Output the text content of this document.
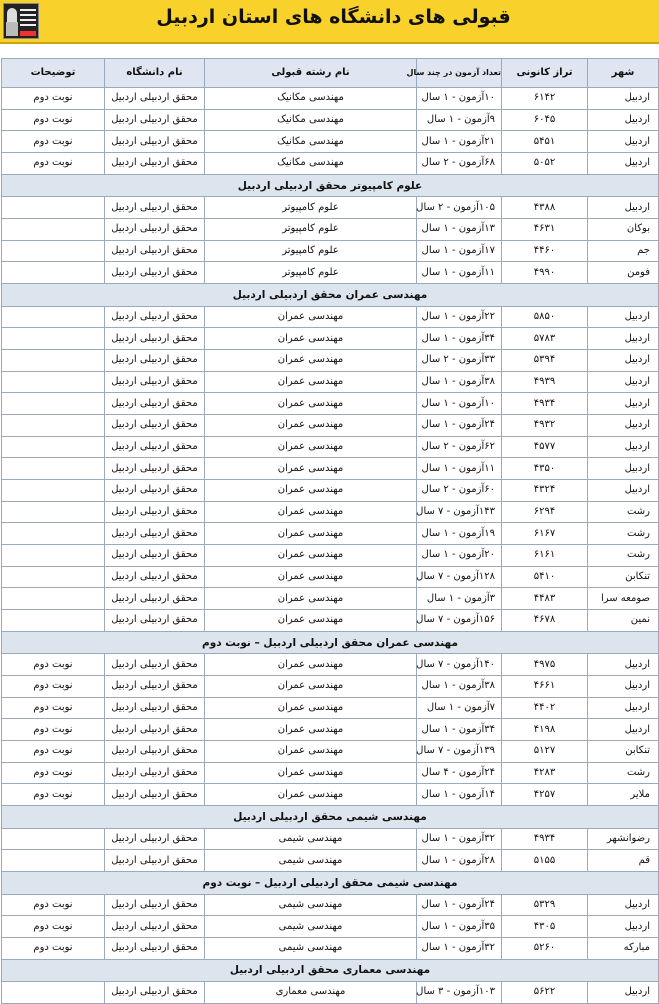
قبولی های دانشگاه های استان اردبیل
شهر	تراز کانونی	تعداد آزمون در چند سال	نام رشته قبولی	نام دانشگاه	توضیحات
اردبیل	۶۱۴۲	۱۰آزمون - ۱ سال	مهندسی مکانیک	محقق اردبیلی اردبیل	نوبت دوم
اردبیل	۶۰۴۵	۹آزمون - ۱ سال	مهندسی مکانیک	محقق اردبیلی اردبیل	نوبت دوم
اردبیل	۵۴۵۱	۲۱آزمون - ۱ سال	مهندسی مکانیک	محقق اردبیلی اردبیل	نوبت دوم
اردبیل	۵۰۵۲	۶۸آزمون - ۲ سال	مهندسی مکانیک	محقق اردبیلی اردبیل	نوبت دوم
علوم کامپیوتر محقق اردبیلی اردبیل					
اردبیل	۴۳۸۸	۱۰۵آزمون - ۲ سال	علوم کامپیوتر	محقق اردبیلی اردبیل	
بوکان	۴۶۳۱	۱۳آزمون - ۱ سال	علوم کامپیوتر	محقق اردبیلی اردبیل	
جم	۴۴۶۰	۱۷آزمون - ۱ سال	علوم کامپیوتر	محقق اردبیلی اردبیل	
فومن	۴۹۹۰	۱۱آزمون - ۱ سال	علوم کامپیوتر	محقق اردبیلی اردبیل	
مهندسی عمران محقق اردبیلی اردبیل					
اردبیل	۵۸۵۰	۲۲آزمون - ۱ سال	مهندسی عمران	محقق اردبیلی اردبیل	
اردبیل	۵۷۸۳	۳۴آزمون - ۱ سال	مهندسی عمران	محقق اردبیلی اردبیل	
اردبیل	۵۳۹۴	۳۳آزمون - ۲ سال	مهندسی عمران	محقق اردبیلی اردبیل	
اردبیل	۴۹۳۹	۳۸آزمون - ۱ سال	مهندسی عمران	محقق اردبیلی اردبیل	
اردبیل	۴۹۳۴	۱۰آزمون - ۱ سال	مهندسی عمران	محقق اردبیلی اردبیل	
اردبیل	۴۹۳۲	۲۴آزمون - ۱ سال	مهندسی عمران	محقق اردبیلی اردبیل	
اردبیل	۴۵۷۷	۶۲آزمون - ۲ سال	مهندسی عمران	محقق اردبیلی اردبیل	
اردبیل	۴۳۵۰	۱۱آزمون - ۱ سال	مهندسی عمران	محقق اردبیلی اردبیل	
اردبیل	۴۳۲۴	۶۰آزمون - ۲ سال	مهندسی عمران	محقق اردبیلی اردبیل	
رشت	۶۲۹۴	۱۴۳آزمون - ۷ سال	مهندسی عمران	محقق اردبیلی اردبیل	
رشت	۶۱۶۷	۱۹آزمون - ۱ سال	مهندسی عمران	محقق اردبیلی اردبیل	
رشت	۶۱۶۱	۲۰آزمون - ۱ سال	مهندسی عمران	محقق اردبیلی اردبیل	
تنکابن	۵۴۱۰	۱۲۸آزمون - ۷ سال	مهندسی عمران	محقق اردبیلی اردبیل	
صومعه سرا	۴۴۸۳	۳آزمون - ۱ سال	مهندسی عمران	محقق اردبیلی اردبیل	
نمین	۴۶۷۸	۱۵۶آزمون - ۷ سال	مهندسی عمران	محقق اردبیلی اردبیل	
مهندسی عمران محقق اردبیلی اردبیل – نوبت دوم					
اردبیل	۴۹۷۵	۱۴۰آزمون - ۷ سال	مهندسی عمران	محقق اردبیلی اردبیل	نوبت دوم
اردبیل	۴۶۶۱	۳۸آزمون - ۱ سال	مهندسی عمران	محقق اردبیلی اردبیل	نوبت دوم
اردبیل	۴۴۰۲	۷آزمون - ۱ سال	مهندسی عمران	محقق اردبیلی اردبیل	نوبت دوم
اردبیل	۴۱۹۸	۳۴آزمون - ۱ سال	مهندسی عمران	محقق اردبیلی اردبیل	نوبت دوم
تنکابن	۵۱۲۷	۱۳۹آزمون - ۷ سال	مهندسی عمران	محقق اردبیلی اردبیل	نوبت دوم
رشت	۴۲۸۳	۲۴آزمون - ۴ سال	مهندسی عمران	محقق اردبیلی اردبیل	نوبت دوم
ملایر	۴۲۵۷	۱۴آزمون - ۱ سال	مهندسی عمران	محقق اردبیلی اردبیل	نوبت دوم
مهندسی شیمی محقق اردبیلی اردبیل					
رضوانشهر	۴۹۳۴	۳۲آزمون - ۱ سال	مهندسی شیمی	محقق اردبیلی اردبیل	
قم	۵۱۵۵	۲۸آزمون - ۱ سال	مهندسی شیمی	محقق اردبیلی اردبیل	
مهندسی شیمی محقق اردبیلی اردبیل – نوبت دوم					
اردبیل	۵۳۲۹	۲۴آزمون - ۱ سال	مهندسی شیمی	محقق اردبیلی اردبیل	نوبت دوم
اردبیل	۴۳۰۵	۳۵آزمون - ۱ سال	مهندسی شیمی	محقق اردبیلی اردبیل	نوبت دوم
مبارکه	۵۲۶۰	۳۲آزمون - ۱ سال	مهندسی شیمی	محقق اردبیلی اردبیل	نوبت دوم
مهندسی معماری محقق اردبیلی اردبیل					
اردبیل	۵۶۲۲	۱۰۳آزمون - ۳ سال	مهندسی معماری	محقق اردبیلی اردبیل	
